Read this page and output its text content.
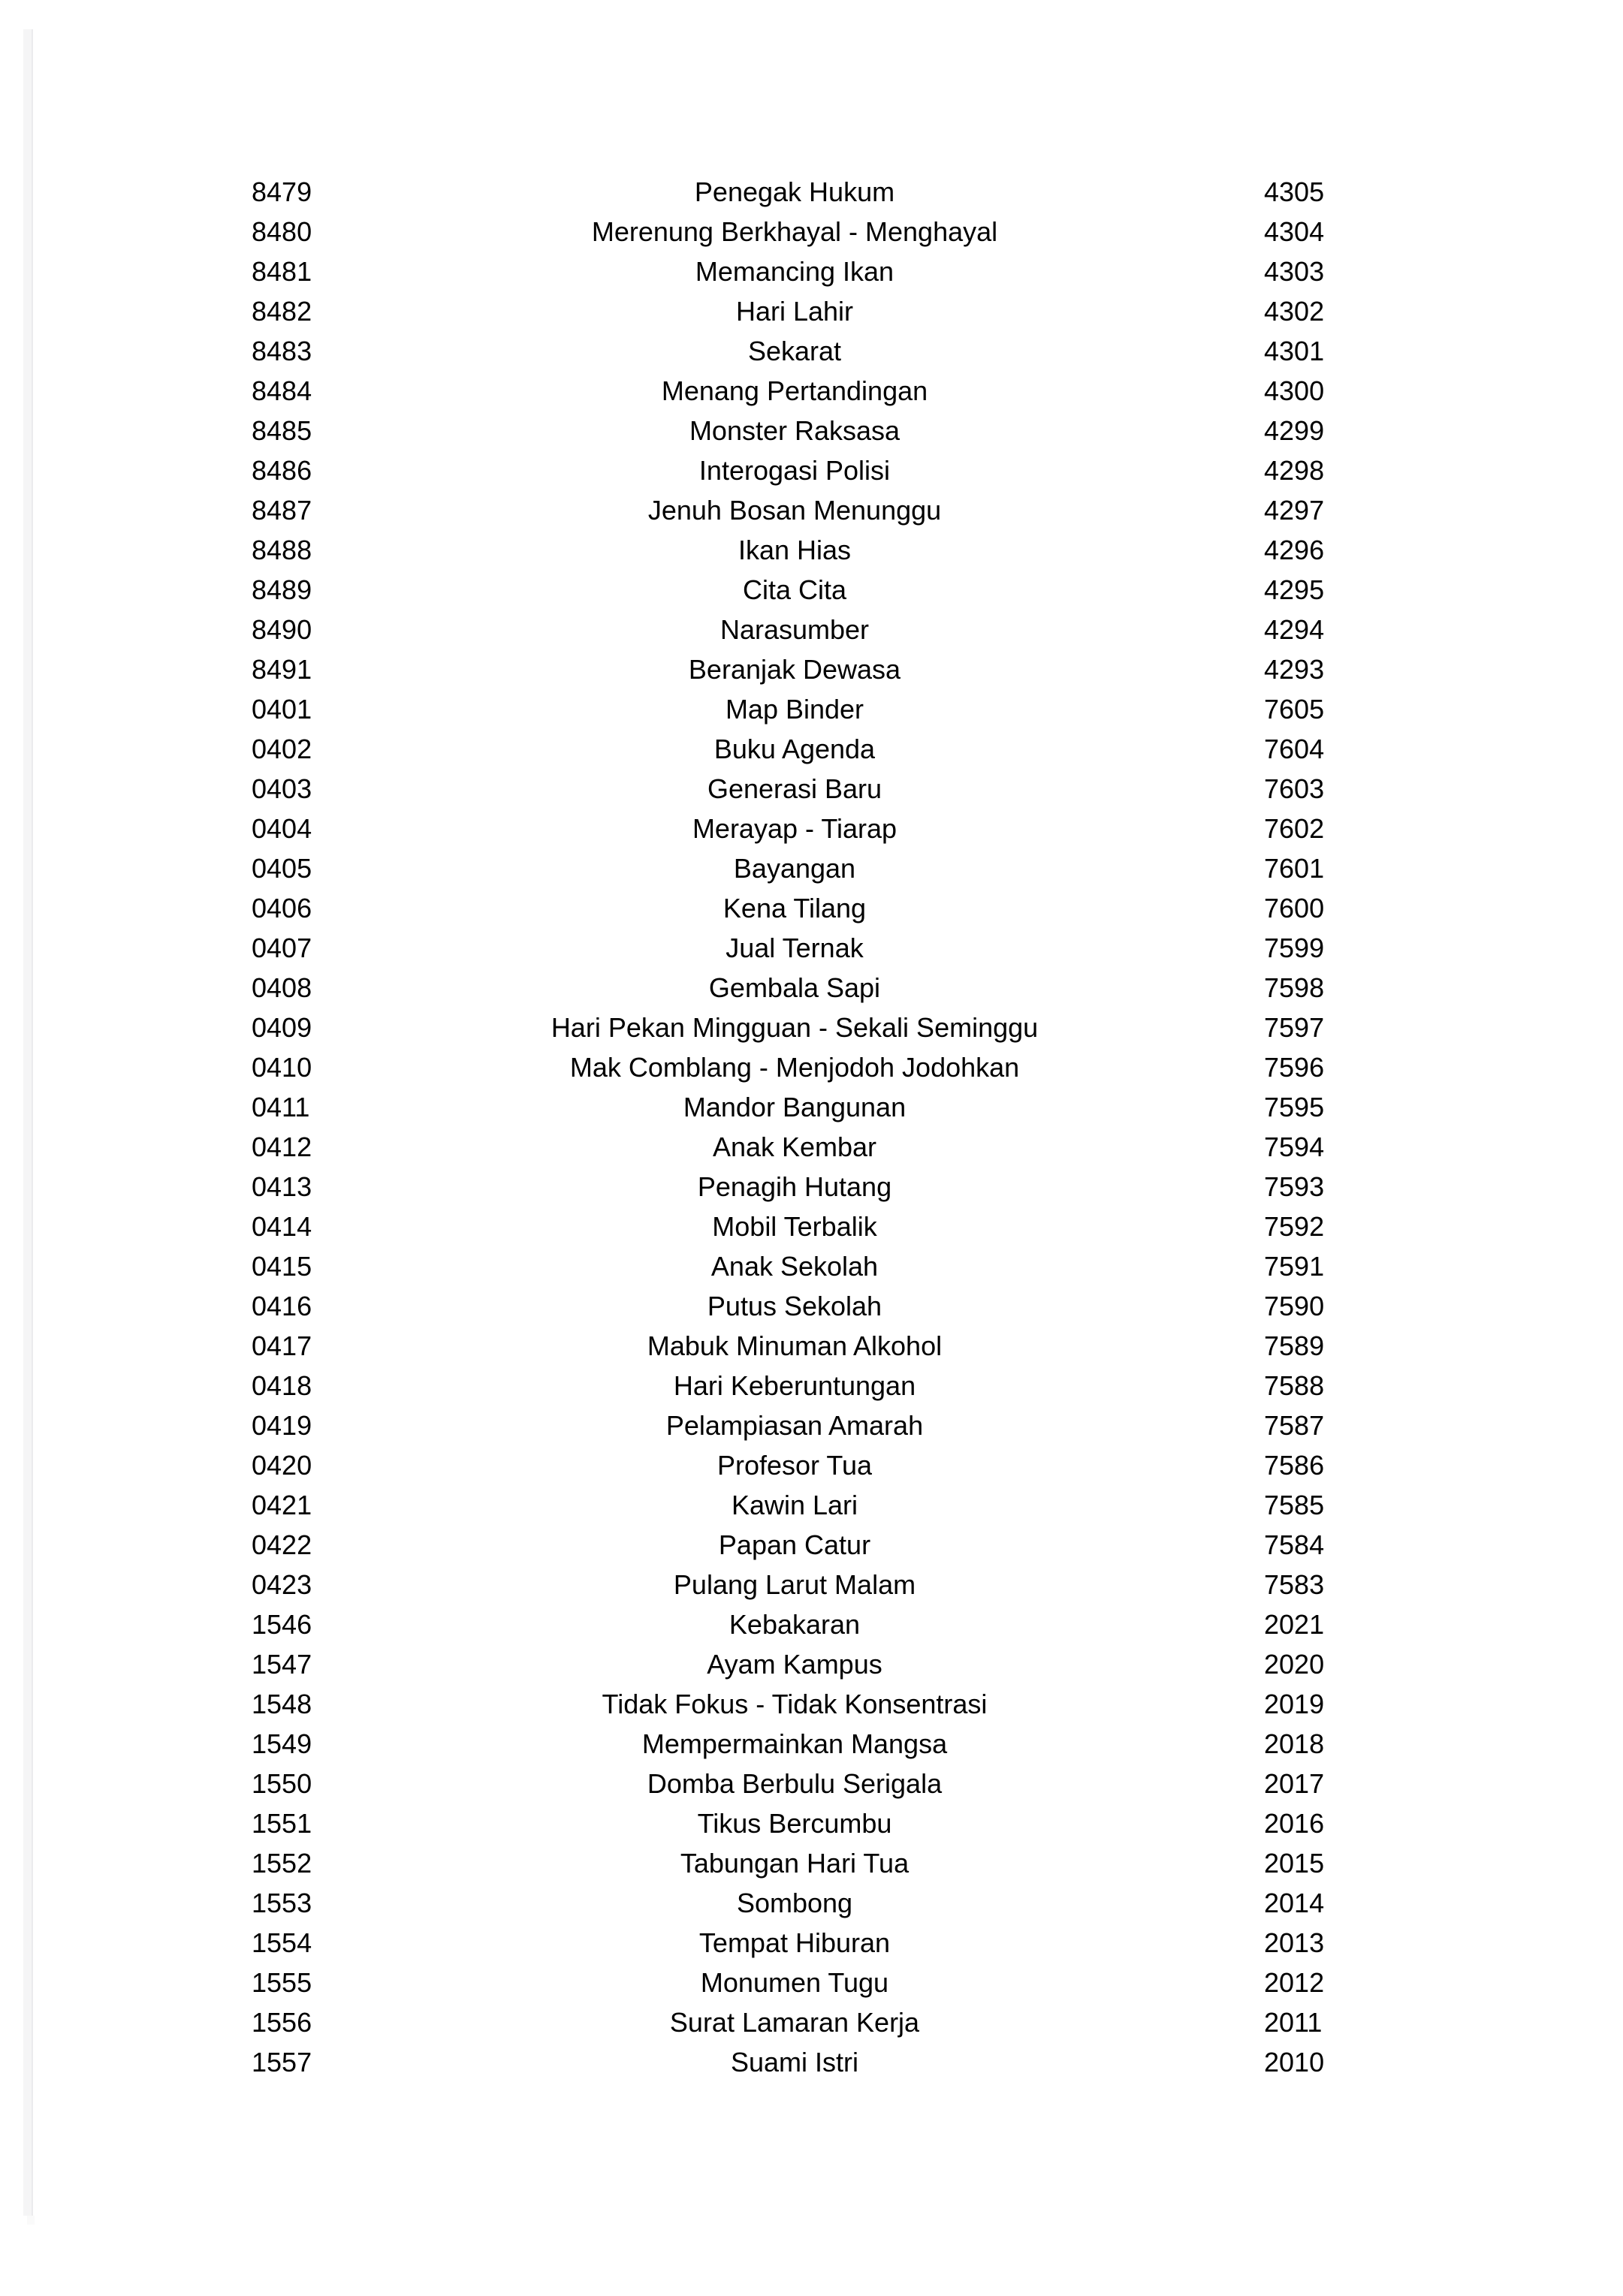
8479	Penegak Hukum	4305
8480	Merenung Berkhayal - Menghayal	4304
8481	Memancing Ikan	4303
8482	Hari Lahir	4302
8483	Sekarat	4301
8484	Menang Pertandingan	4300
8485	Monster Raksasa	4299
8486	Interogasi Polisi	4298
8487	Jenuh Bosan Menunggu	4297
8488	Ikan Hias	4296
8489	Cita Cita	4295
8490	Narasumber	4294
8491	Beranjak Dewasa	4293
0401	Map Binder	7605
0402	Buku Agenda	7604
0403	Generasi Baru	7603
0404	Merayap - Tiarap	7602
0405	Bayangan	7601
0406	Kena Tilang	7600
0407	Jual Ternak	7599
0408	Gembala Sapi	7598
0409	Hari Pekan Mingguan - Sekali Seminggu	7597
0410	Mak Comblang - Menjodoh Jodohkan	7596
0411	Mandor Bangunan	7595
0412	Anak Kembar	7594
0413	Penagih Hutang	7593
0414	Mobil Terbalik	7592
0415	Anak Sekolah	7591
0416	Putus Sekolah	7590
0417	Mabuk Minuman Alkohol	7589
0418	Hari Keberuntungan	7588
0419	Pelampiasan Amarah	7587
0420	Profesor Tua	7586
0421	Kawin Lari	7585
0422	Papan Catur	7584
0423	Pulang Larut Malam	7583
1546	Kebakaran	2021
1547	Ayam Kampus	2020
1548	Tidak Fokus - Tidak Konsentrasi	2019
1549	Mempermainkan Mangsa	2018
1550	Domba Berbulu Serigala	2017
1551	Tikus Bercumbu	2016
1552	Tabungan Hari Tua	2015
1553	Sombong	2014
1554	Tempat Hiburan	2013
1555	Monumen Tugu	2012
1556	Surat Lamaran Kerja	2011
1557	Suami Istri	2010
